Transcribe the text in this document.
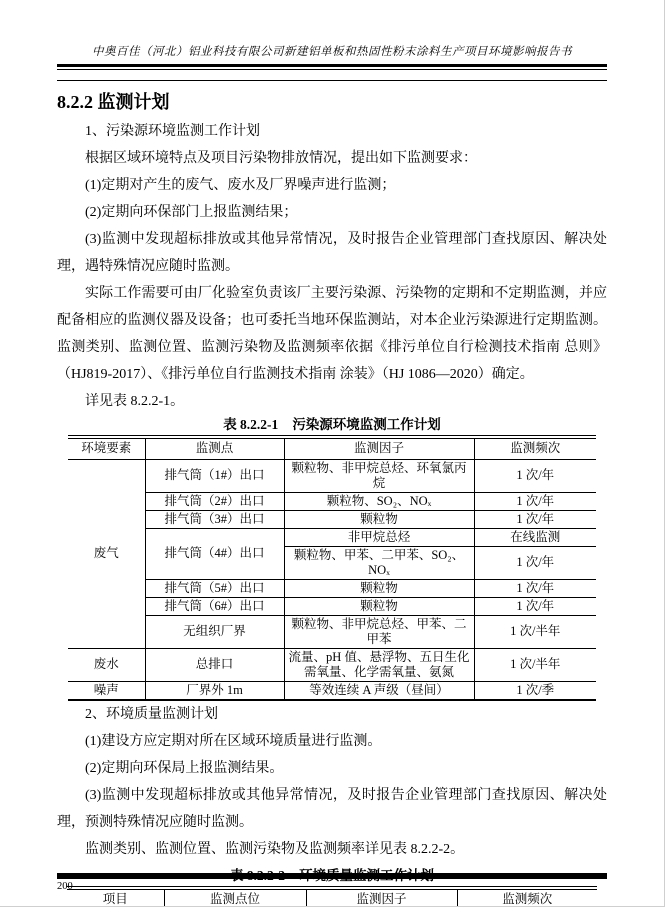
中奥百佳（河北）铝业科技有限公司新建铝单板和热固性粉末涂料生产项目环境影响报告书
8.2.2 监测计划

1、污染源环境监测工作计划

根据区域环境特点及项目污染物排放情况，提出如下监测要求：

(1)定期对产生的废气、废水及厂界噪声进行监测；

(2)定期向环保部门上报监测结果；

(3)监测中发现超标排放或其他异常情况，及时报告企业管理部门查找原因、解决处理，遇特殊情况应随时监测。

实际工作需要可由厂化验室负责该厂主要污染源、污染物的定期和不定期监测，并应配备相应的监测仪器及设备；也可委托当地环保监测站，对本企业污染源进行定期监测。监测类别、监测位置、监测污染物及监测频率依据《排污单位自行检测技术指南 总则》（HJ819-2017）、《排污单位自行监测技术指南 涂装》（HJ 1086—2020）确定。

详见表 8.2.2-1。

表 8.2.2-1 污染源环境监测工作计划
环境要素	监测点	监测因子	监测频次
废气	排气筒（1#）出口	颗粒物、非甲烷总烃、环氧氯丙烷	1 次/年
	排气筒（2#）出口	颗粒物、SO₂、NOₓ	1 次/年
	排气筒（3#）出口	颗粒物	1 次/年
	排气筒（4#）出口	非甲烷总烃	在线监测
		颗粒物、甲苯、二甲苯、SO₂、NOₓ	1 次/年
	排气筒（5#）出口	颗粒物	1 次/年
	排气筒（6#）出口	颗粒物	1 次/年
	无组织厂界	颗粒物、非甲烷总烃、甲苯、二甲苯	1 次/半年
废水	总排口	流量、pH 值、悬浮物、五日生化需氧量、化学需氧量、氨氮	1 次/半年
噪声	厂界外 1m	等效连续 A 声级（昼间）	1 次/季

2、环境质量监测计划

(1)建设方应定期对所在区域环境质量进行监测。

(2)定期向环保局上报监测结果。

(3)监测中发现超标排放或其他异常情况，及时报告企业管理部门查找原因、解决处理，预测特殊情况应随时监测。

监测类别、监测位置、监测污染物及监测频率详见表 8.2.2-2。

项目	监测点位	监测因子	监测频次
200
